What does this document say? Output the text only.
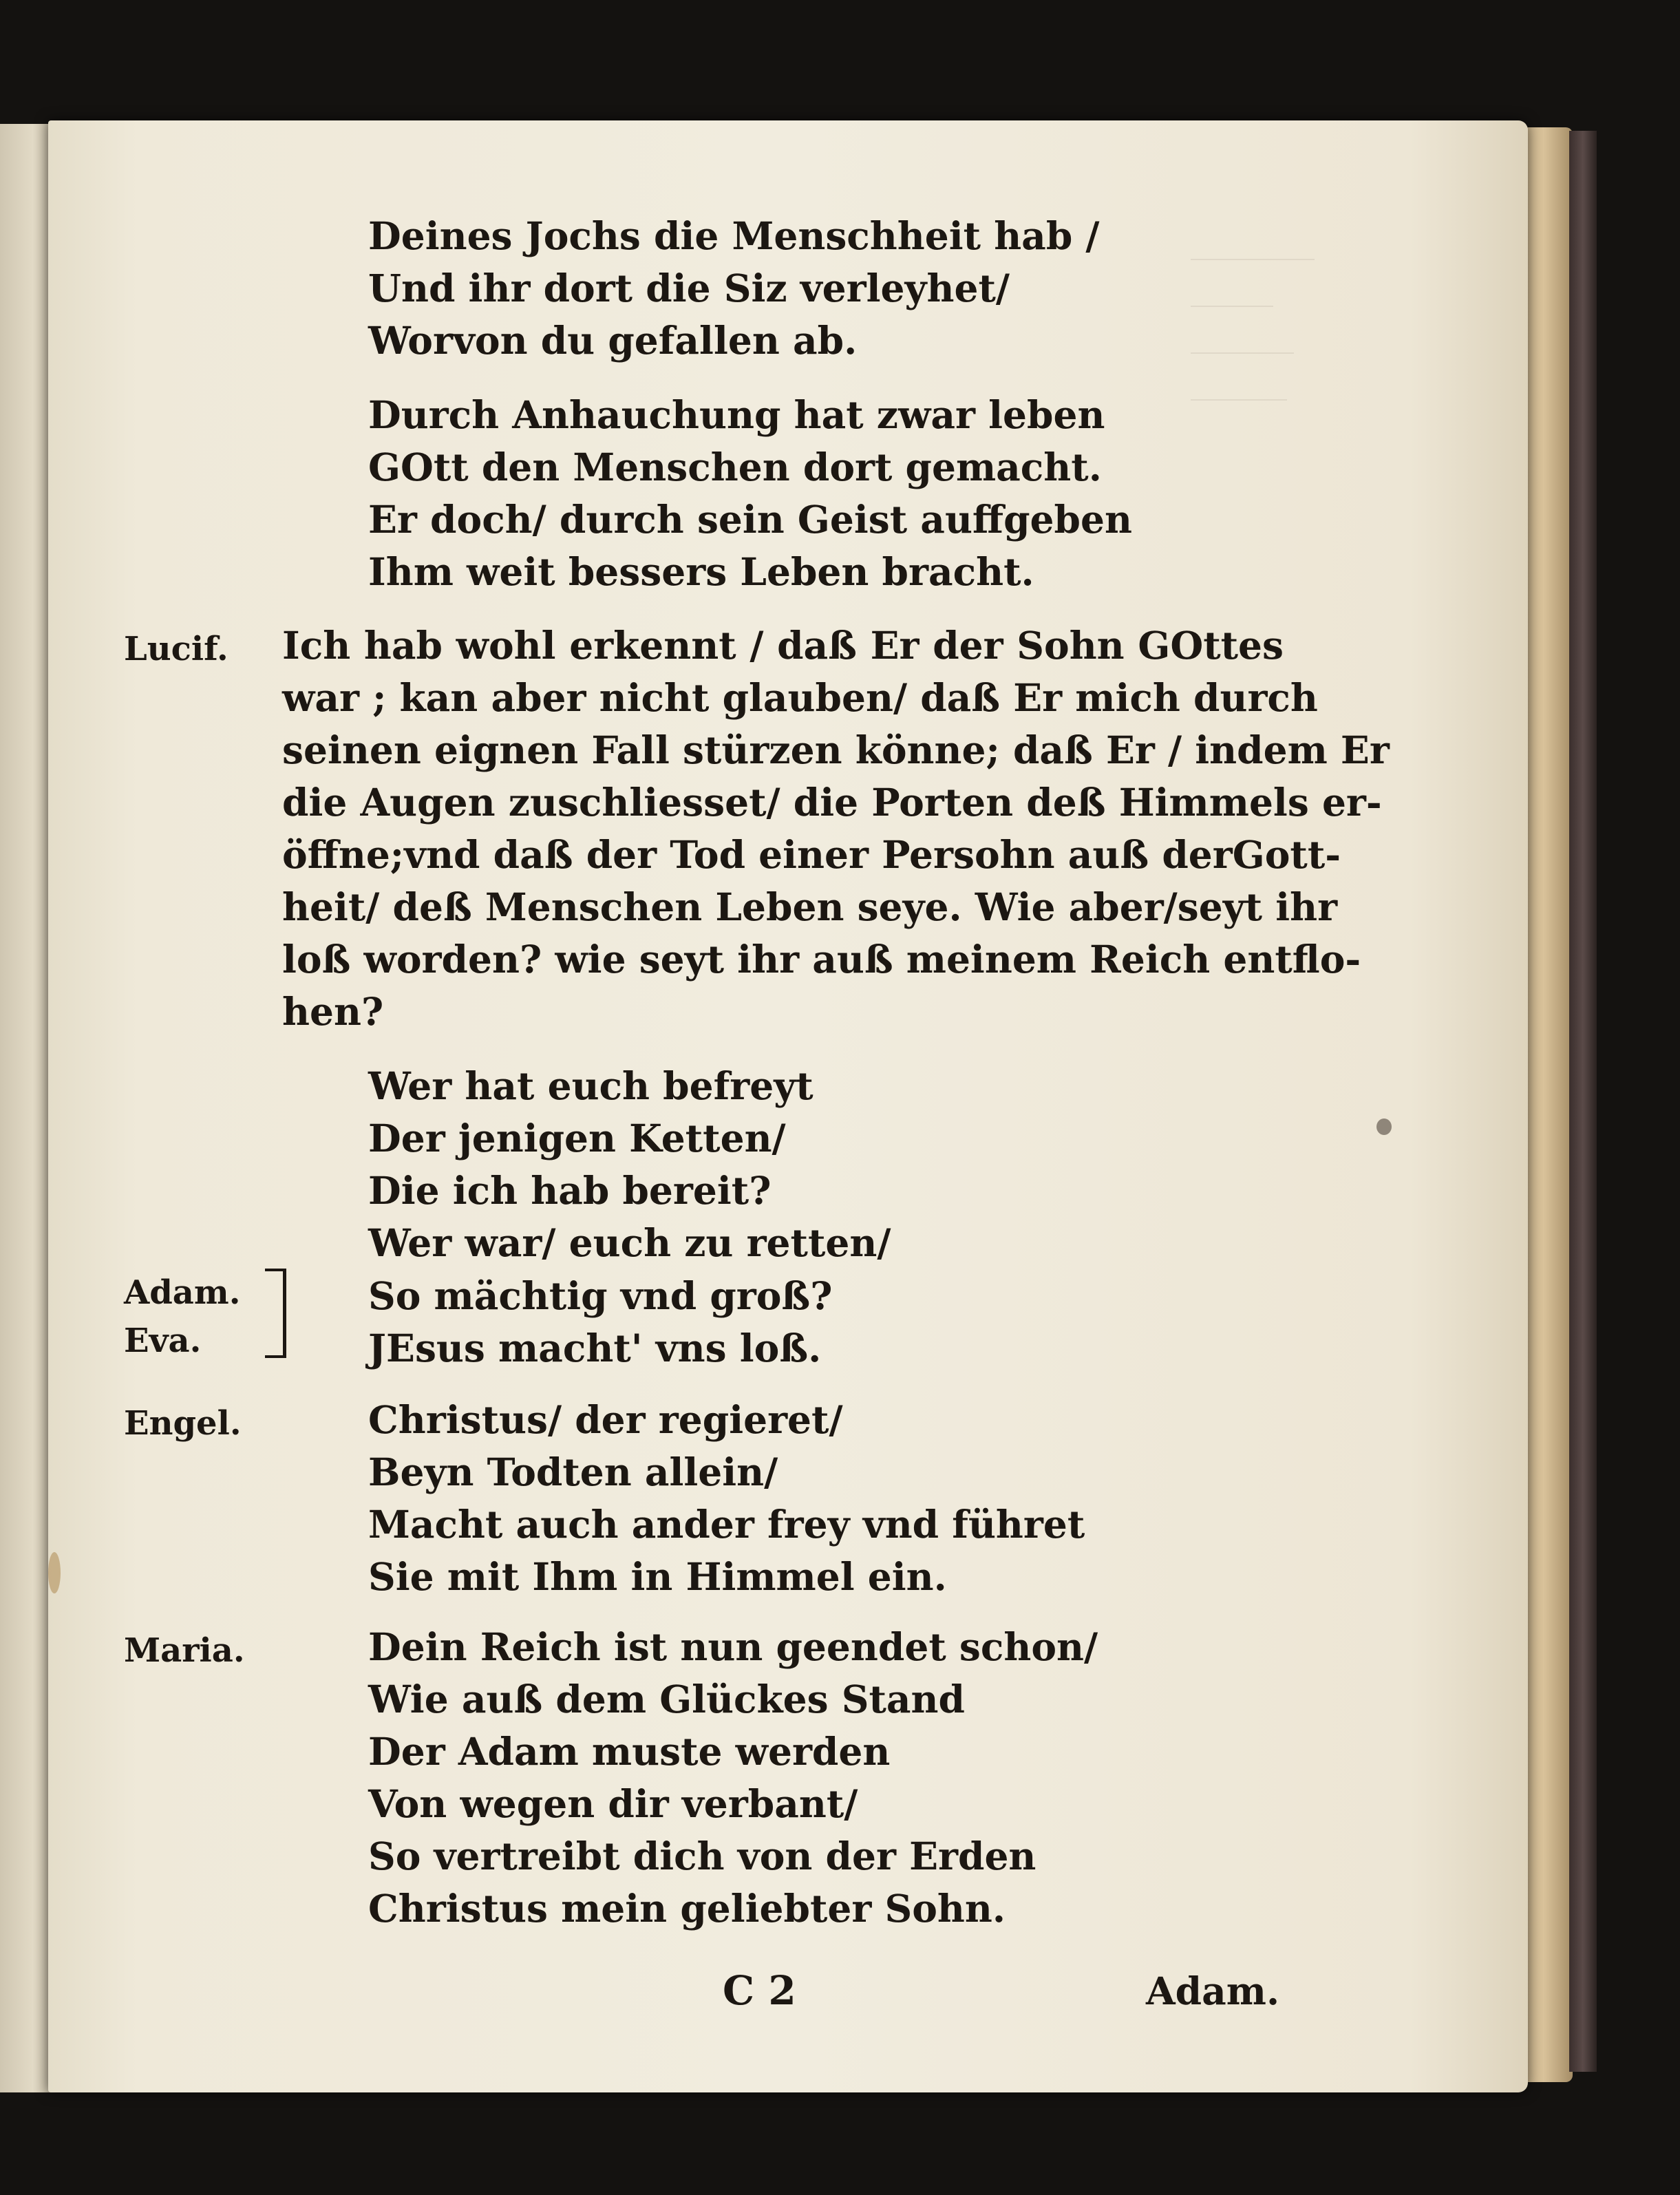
Deines Jochs die Menschheit hab /
Und ihr dort die Siz verleyhet/
Worvon du gefallen ab.
Durch Anhauchung hat zwar leben
GOtt den Menschen dort gemacht.
Er doch/ durch sein Geist auffgeben
Ihm weit bessers Leben bracht.
Lucif. Ich hab wohl erkennt / daß Er der Sohn GOttes
war ; kan aber nicht glauben/ daß Er mich durch
seinen eignen Fall stürzen könne; daß Er / indem Er
die Augen zuschliesset/ die Porten deß Himmels er-
öffne;vnd daß der Tod einer Persohn auß derGott-
heit/ deß Menschen Leben seye. Wie aber/seyt ihr
loß worden? wie seyt ihr auß meinem Reich entflo-
hen?
Wer hat euch befreyt
Der jenigen Ketten/
Die ich hab bereit?
Wer war/ euch zu retten/
Adam.
Eva.
So mächtig vnd groß?
JEsus macht' vns loß.
Engel.	Christus/ der regieret/
Beyn Todten allein/
Macht auch ander frey vnd führet
Sie mit Ihm in Himmel ein.
Maria.	Dein Reich ist nun geendet schon/
Wie auß dem Glückes Stand
Der Adam muste werden
Von wegen dir verbant/
So vertreibt dich von der Erden
Christus mein geliebter Sohn.
C 2	Adam.
